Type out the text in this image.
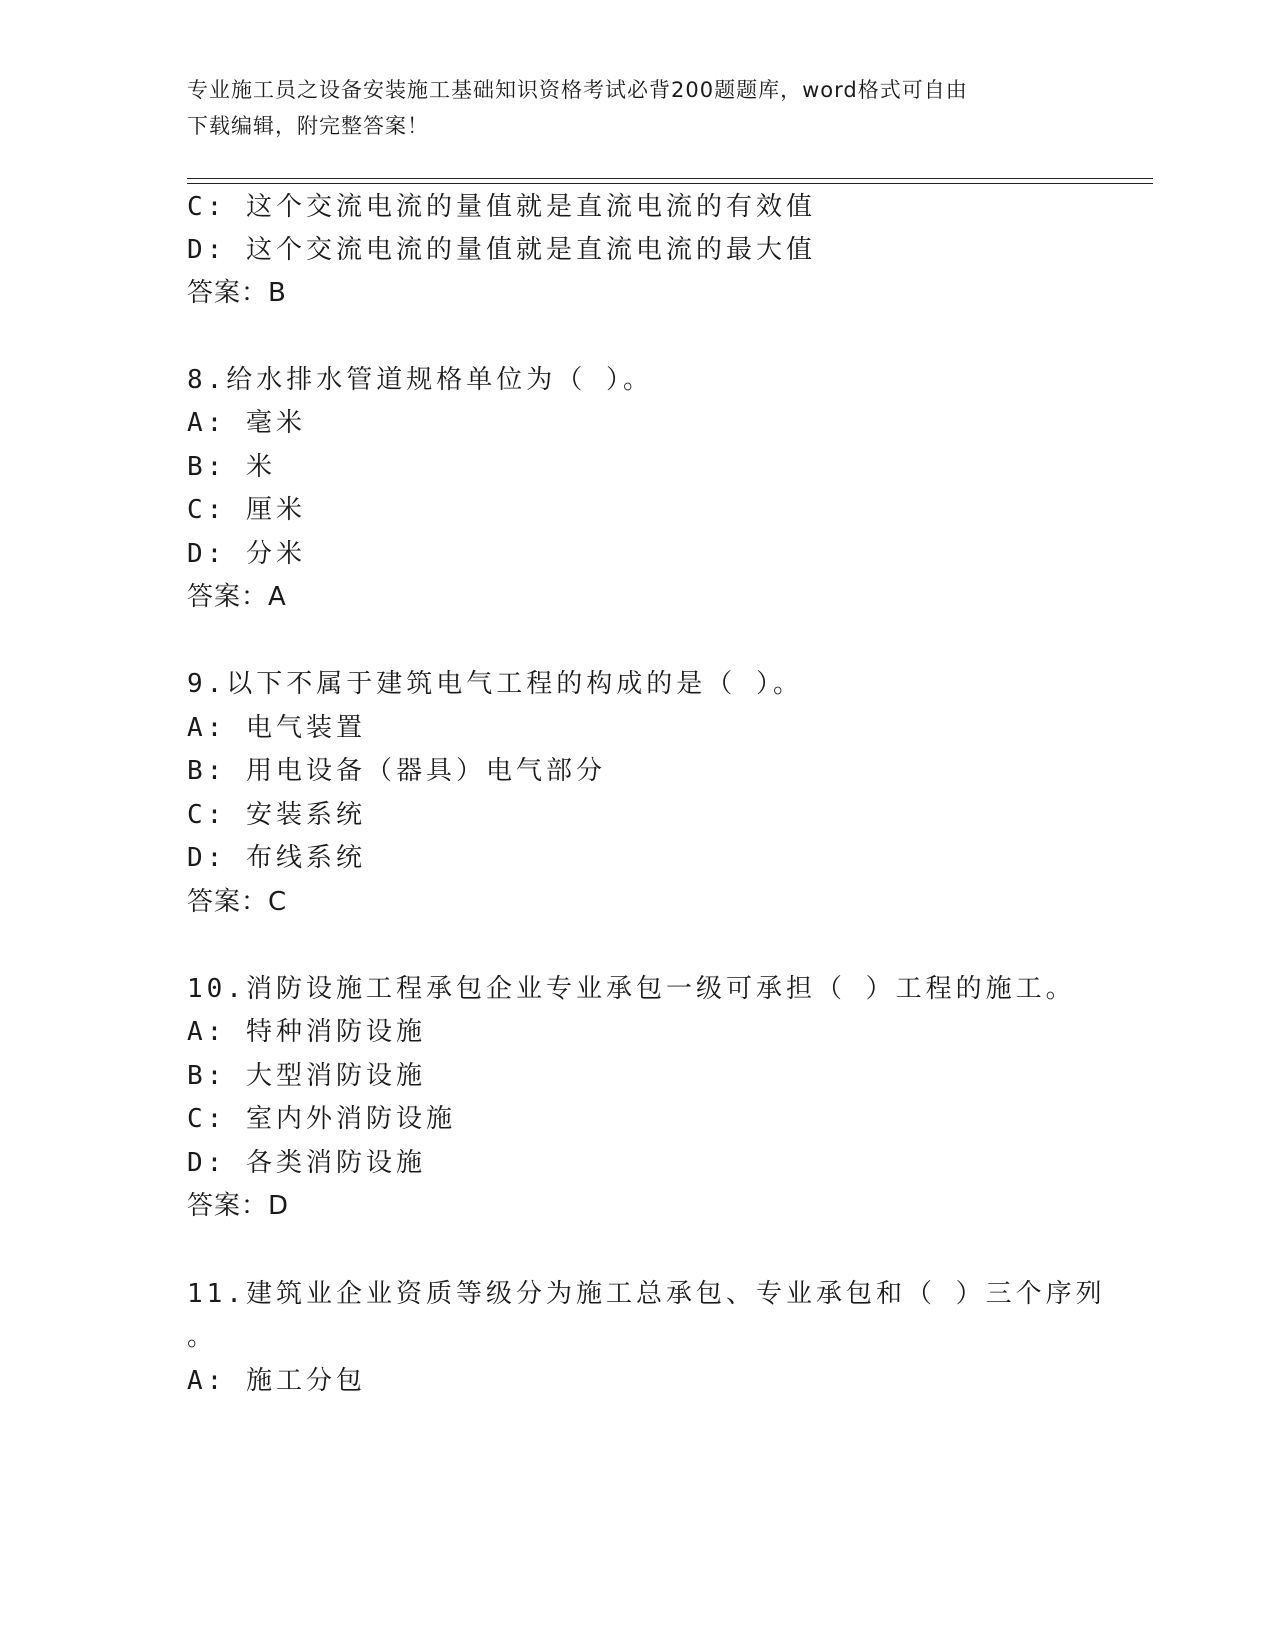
专业施工员之设备安装施工基础知识资格考试必背200题题库，word格式可自由
下载编辑，附完整答案！
C: 这个交流电流的量值就是直流电流的有效值
D: 这个交流电流的量值就是直流电流的最大值
答案：B
8.给水排水管道规格单位为（ ）。
A: 毫米
B: 米
C: 厘米
D: 分米
答案：A
9.以下不属于建筑电气工程的构成的是（ ）。
A: 电气装置
B: 用电设备（器具）电气部分
C: 安装系统
D: 布线系统
答案：C
10.消防设施工程承包企业专业承包一级可承担（ ）工程的施工。
A: 特种消防设施
B: 大型消防设施
C: 室内外消防设施
D: 各类消防设施
答案：D
11.建筑业企业资质等级分为施工总承包、专业承包和（ ）三个序列
。
A: 施工分包
